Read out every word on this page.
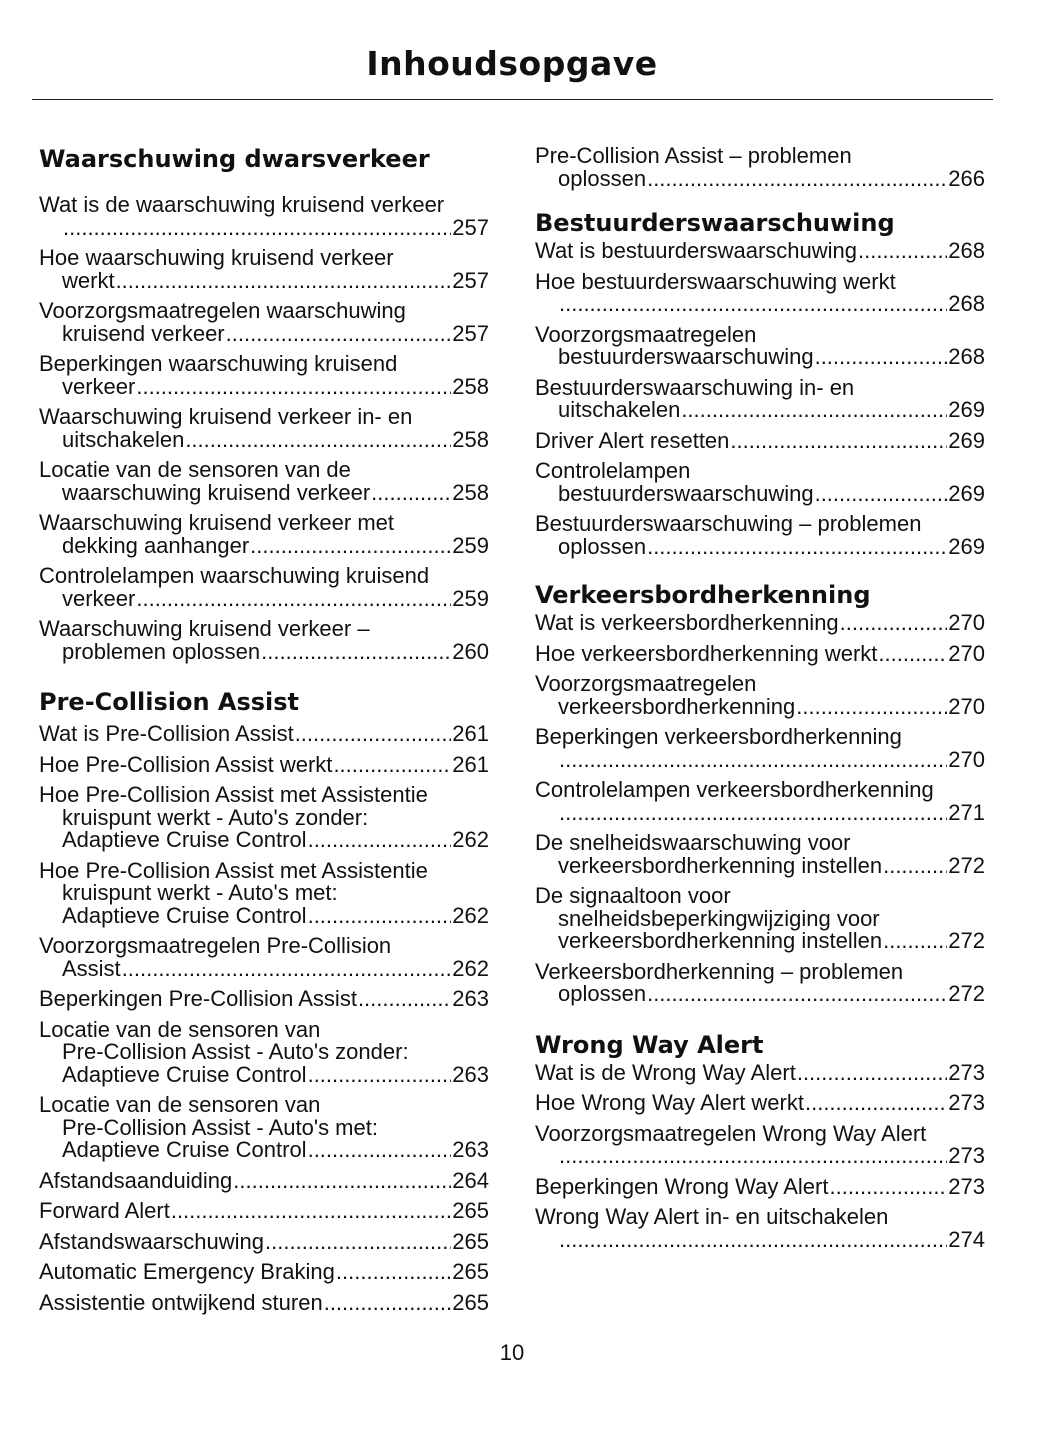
Inhoudsopgave
Waarschuwing dwarsverkeer
Wat is de waarschuwing kruisend verkeer
.....
257
Hoe waarschuwing kruisend verkeer
werkt .....	257
Voorzorgsmaatregelen waarschuwing
kruisend verkeer .....	257
Beperkingen waarschuwing kruisend
verkeer .....	258
Waarschuwing kruisend verkeer in- en
uitschakelen .....	258
Locatie van de sensoren van de
waarschuwing kruisend verkeer .....	258
Waarschuwing kruisend verkeer met
dekking aanhanger .....	259
Controlelampen waarschuwing kruisend
verkeer .....	259
Waarschuwing kruisend verkeer –
problemen oplossen .....	260
Pre-Collision Assist
Wat is Pre-Collision Assist .....	261
Hoe Pre-Collision Assist werkt .....	261
Hoe Pre-Collision Assist met Assistentie
kruispunt werkt - Auto's zonder:
Adaptieve Cruise Control .....	262
Hoe Pre-Collision Assist met Assistentie
kruispunt werkt - Auto's met:
Adaptieve Cruise Control .....	262
Voorzorgsmaatregelen Pre-Collision
Assist .....	262
Beperkingen Pre-Collision Assist .....	263
Locatie van de sensoren van
Pre-Collision Assist - Auto's zonder:
Adaptieve Cruise Control .....	263
Locatie van de sensoren van
Pre-Collision Assist - Auto's met:
Adaptieve Cruise Control .....	263
Afstandsaanduiding .....	264
Forward Alert .....	265
Afstandswaarschuwing .....	265
Automatic Emergency Braking .....	265
Assistentie ontwijkend sturen .....	265
Pre-Collision Assist – problemen
oplossen .....	266
Bestuurderswaarschuwing
Wat is bestuurderswaarschuwing .....	268
Hoe bestuurderswaarschuwing werkt
.....
268
Voorzorgsmaatregelen
bestuurderswaarschuwing .....	268
Bestuurderswaarschuwing in- en
uitschakelen .....	269
Driver Alert resetten .....	269
Controlelampen
bestuurderswaarschuwing .....	269
Bestuurderswaarschuwing – problemen
oplossen .....	269
Verkeersbordherkenning
Wat is verkeersbordherkenning .....	270
Hoe verkeersbordherkenning werkt .....	270
Voorzorgsmaatregelen
verkeersbordherkenning .....	270
Beperkingen verkeersbordherkenning
.....
270
Controlelampen verkeersbordherkenning
.....
271
De snelheidswaarschuwing voor
verkeersbordherkenning instellen .....	272
De signaaltoon voor
snelheidsbeperkingwijziging voor
verkeersbordherkenning instellen .....	272
Verkeersbordherkenning – problemen
oplossen .....	272
Wrong Way Alert
Wat is de Wrong Way Alert .....	273
Hoe Wrong Way Alert werkt .....	273
Voorzorgsmaatregelen Wrong Way Alert
.....
273
Beperkingen Wrong Way Alert .....	273
Wrong Way Alert in- en uitschakelen
.....
274
10
